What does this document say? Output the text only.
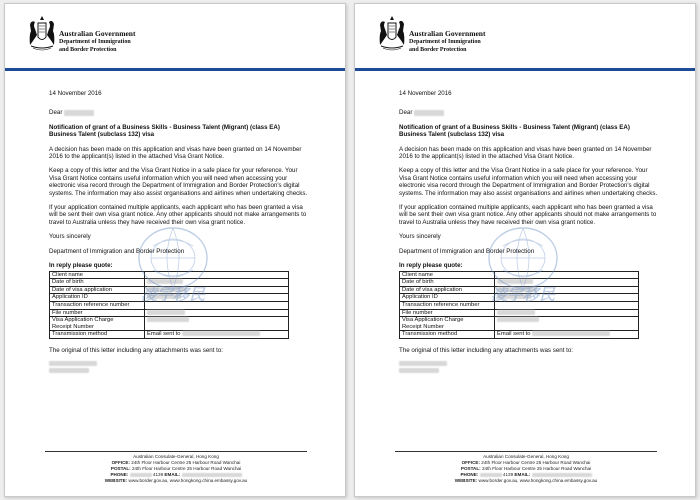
Australian Government
Department of Immigration
and Border Protection

14 November 2016

Dear

Notification of grant of a Business Skills - Business Talent (Migrant) (class EA)
Business Talent (subclass 132) visa

A decision has been made on this application and visas have been granted on 14 November 2016 to the applicant(s) listed in the attached Visa Grant Notice.

Keep a copy of this letter and the Visa Grant Notice in a safe place for your reference. Your Visa Grant Notice contains useful information which you will need when accessing your electronic visa record through the Department of Immigration and Border Protection's digital systems. The information may also assist organisations and airlines when undertaking checks.

If your application contained multiple applicants, each applicant who has been granted a visa will be sent their own visa grant notice. Any other applicants should not make arrangements to travel to Australia unless they have received their own visa grant notice.

Yours sincerely

Department of Immigration and Border Protection

In reply please quote:
Client name	
Date of birth	
Date of visa application	
Application ID	
Transaction reference number	
File number	
Visa Application Charge
Receipt Number	
Transmission method	Email sent to

The original of this letter including any attachments was sent to:

凌宇移民
Australian Consulate-General, Hong Kong
OFFICE: 24th Floor Harbour Centre 25 Harbour Road Wanchai
POSTAL: 24th Floor Harbour Centre 25 Harbour Road Wanchai
PHONE:	4139 EMAIL:
WEBSITE: www.border.gov.au, www.hongkong.china.embassy.gov.au
Australian Government
Department of Immigration
and Border Protection

14 November 2016

Dear

Notification of grant of a Business Skills - Business Talent (Migrant) (class EA)
Business Talent (subclass 132) visa

A decision has been made on this application and visas have been granted on 14 November 2016 to the applicant(s) listed in the attached Visa Grant Notice.

Keep a copy of this letter and the Visa Grant Notice in a safe place for your reference. Your Visa Grant Notice contains useful information which you will need when accessing your electronic visa record through the Department of Immigration and Border Protection's digital systems. The information may also assist organisations and airlines when undertaking checks.

If your application contained multiple applicants, each applicant who has been granted a visa will be sent their own visa grant notice. Any other applicants should not make arrangements to travel to Australia unless they have received their own visa grant notice.

Yours sincerely

Department of Immigration and Border Protection

In reply please quote:
Client name	
Date of birth	
Date of visa application	
Application ID	
Transaction reference number	
File number	
Visa Application Charge
Receipt Number	
Transmission method	Email sent to

The original of this letter including any attachments was sent to:

凌宇移民
Australian Consulate-General, Hong Kong
OFFICE: 24th Floor Harbour Centre 25 Harbour Road Wanchai
POSTAL: 24th Floor Harbour Centre 25 Harbour Road Wanchai
PHONE:	4139 EMAIL:
WEBSITE: www.border.gov.au, www.hongkong.china.embassy.gov.au
